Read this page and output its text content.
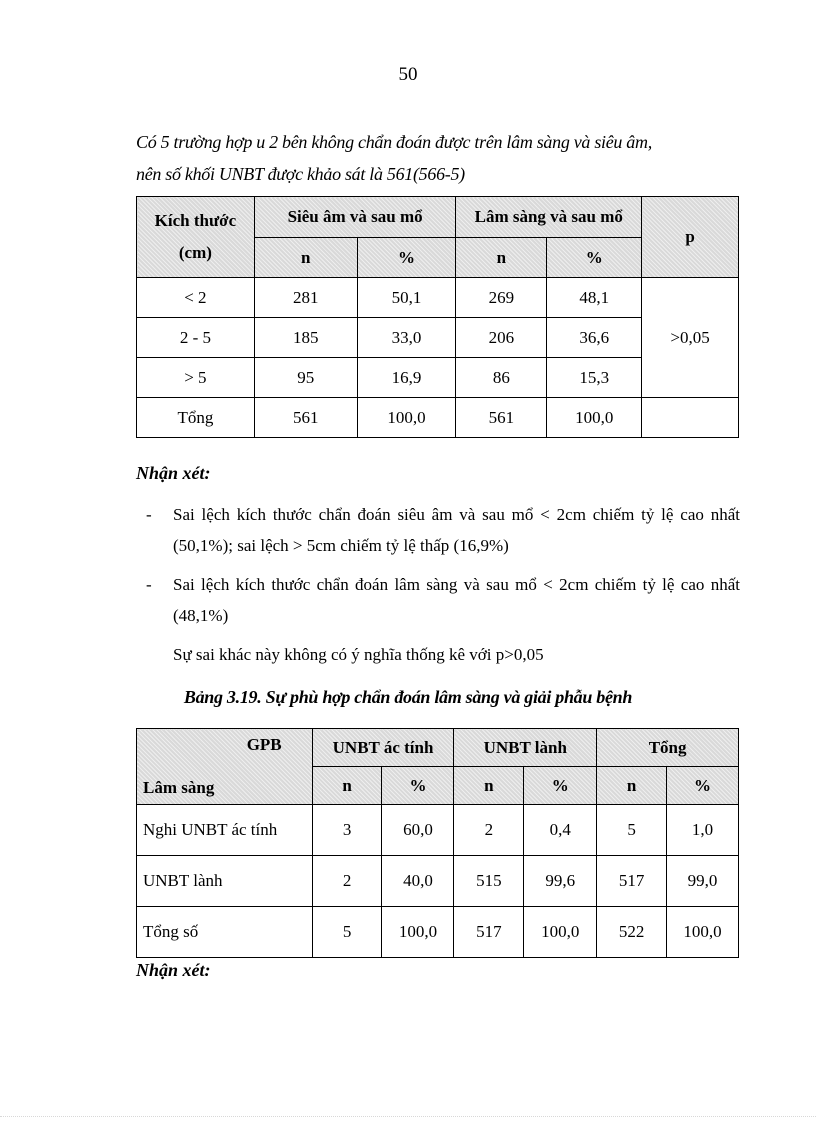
50
Có 5 trường hợp u 2 bên không chẩn đoán được trên lâm sàng và siêu âm,
nên số khối UNBT được khảo sát là 561(566-5)
Kích thước
(cm)	Siêu âm và sau mổ		Lâm sàng và sau mổ		p
	n	%	n	%	
< 2	281	50,1	269	48,1	>0,05
2 - 5	185	33,0	206	36,6	
> 5	95	16,9	86	15,3	
Tổng	561	100,0	561	100,0	
Nhận xét:
- Sai lệch kích thước chẩn đoán siêu âm và sau mổ < 2cm chiếm tỷ lệ cao nhất (50,1%); sai lệch > 5cm chiếm tỷ lệ thấp (16,9%)
- Sai lệch kích thước chẩn đoán lâm sàng và sau mổ < 2cm chiếm tỷ lệ cao nhất (48,1%)
Sự sai khác này không có ý nghĩa thống kê với p>0,05
Bảng 3.19. Sự phù hợp chẩn đoán lâm sàng và giải phẫu bệnh
GPB
Lâm sàng	UNBT ác tính		UNBT lành		Tổng	
	n	%	n	%	n	%
Nghi UNBT ác tính	3	60,0	2	0,4	5	1,0
UNBT lành	2	40,0	515	99,6	517	99,0
Tổng số	5	100,0	517	100,0	522	100,0
Nhận xét:
